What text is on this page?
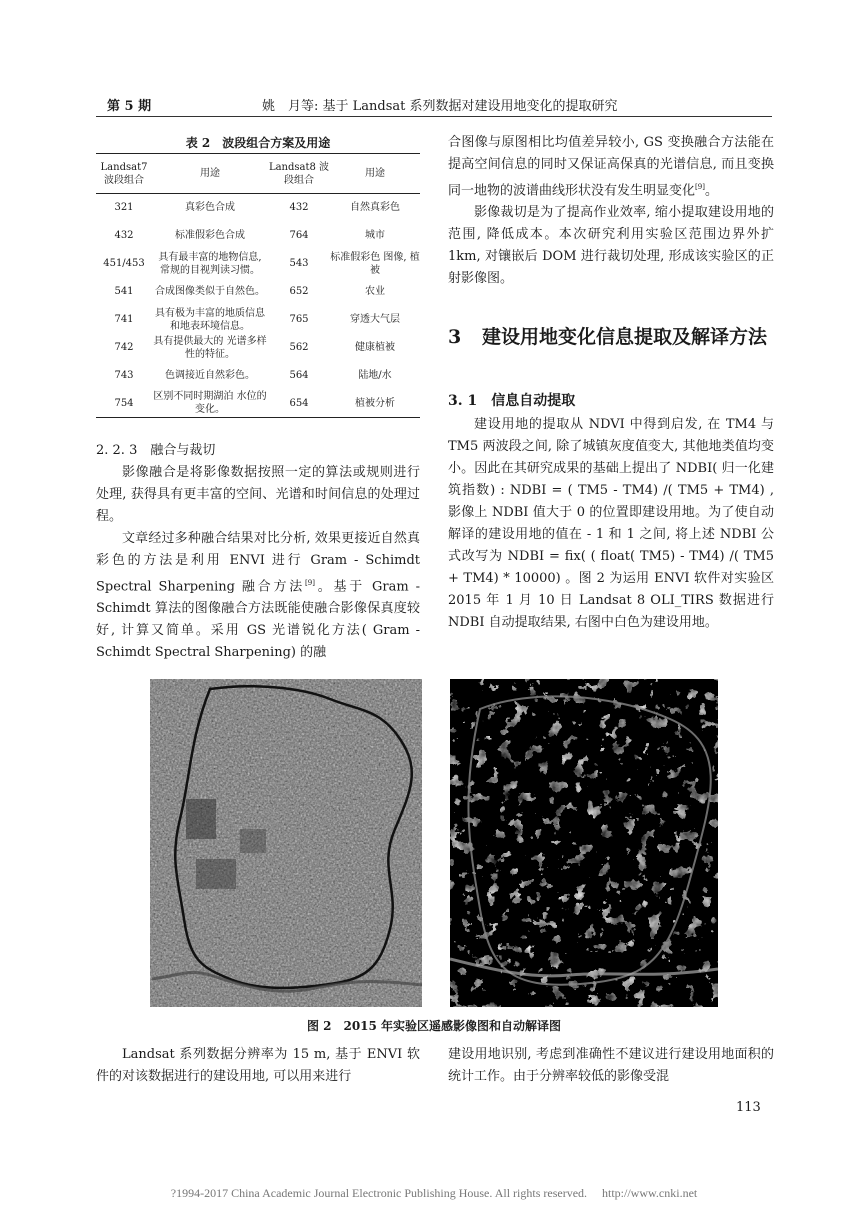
第 5 期	姚　月等: 基于 Landsat 系列数据对建设用地变化的提取研究
表 2　波段组合方案及用途
Landsat7 波段组合	用途	Landsat8 波段组合	用途
321	真彩色合成	432	自然真彩色
432	标准假彩色合成	764	城市
451/453	具有最丰富的地物信息, 常规的目视判读习惯。	543	标准假彩色 图像, 植被
541	合成图像类似于自然色。	652	农业
741	具有极为丰富的地质信息 和地表环境信息。	765	穿透大气层
742	具有提供最大的 光谱多样性的特征。	562	健康植被
743	色调接近自然彩色。	564	陆地/水
754	区别不同时期湖泊 水位的变化。	654	植被分析
2. 2. 3　融合与裁切
影像融合是将影像数据按照一定的算法或规则进行处理, 获得具有更丰富的空间、光谱和时间信息的处理过程。
文章经过多种融合结果对比分析, 效果更接近自然真彩色的方法是利用 ENVI 进行 Gram - Schimdt Spectral Sharpening 融合方法[9]。基于 Gram - Schimdt 算法的图像融合方法既能使融合影像保真度较好, 计算又简单。采用 GS 光谱锐化方法( Gram - Schimdt Spectral Sharpening) 的融
合图像与原图相比均值差异较小, GS 变换融合方法能在提高空间信息的同时又保证高保真的光谱信息, 而且变换同一地物的波谱曲线形状没有发生明显变化[9]。
影像裁切是为了提高作业效率, 缩小提取建设用地的范围, 降低成本。本次研究利用实验区范围边界外扩 1km, 对镶嵌后 DOM 进行裁切处理, 形成该实验区的正射影像图。
3 建设用地变化信息提取及解译方法
3. 1　信息自动提取
建设用地的提取从 NDVI 中得到启发, 在 TM4 与 TM5 两波段之间, 除了城镇灰度值变大, 其他地类值均变小。因此在其研究成果的基础上提出了 NDBI( 归一化建筑指数) : NDBI = ( TM5 - TM4) /( TM5 + TM4) , 影像上 NDBI 值大于 0 的位置即建设用地。为了使自动解译的建设用地的值在 - 1 和 1 之间, 将上述 NDBI 公式改写为 NDBI = fix( ( float( TM5) - TM4) /( TM5 + TM4) * 10000) 。图 2 为运用 ENVI 软件对实验区 2015 年 1 月 10 日 Landsat 8 OLI_TIRS 数据进行 NDBI 自动提取结果, 右图中白色为建设用地。
图 2　2015 年实验区遥感影像图和自动解译图
Landsat 系列数据分辨率为 15 m, 基于 ENVI 软件的对该数据进行的建设用地, 可以用来进行
建设用地识别, 考虑到准确性不建议进行建设用地面积的统计工作。由于分辨率较低的影像受混
113
?1994-2017 China Academic Journal Electronic Publishing House. All rights reserved.　 http://www.cnki.net
